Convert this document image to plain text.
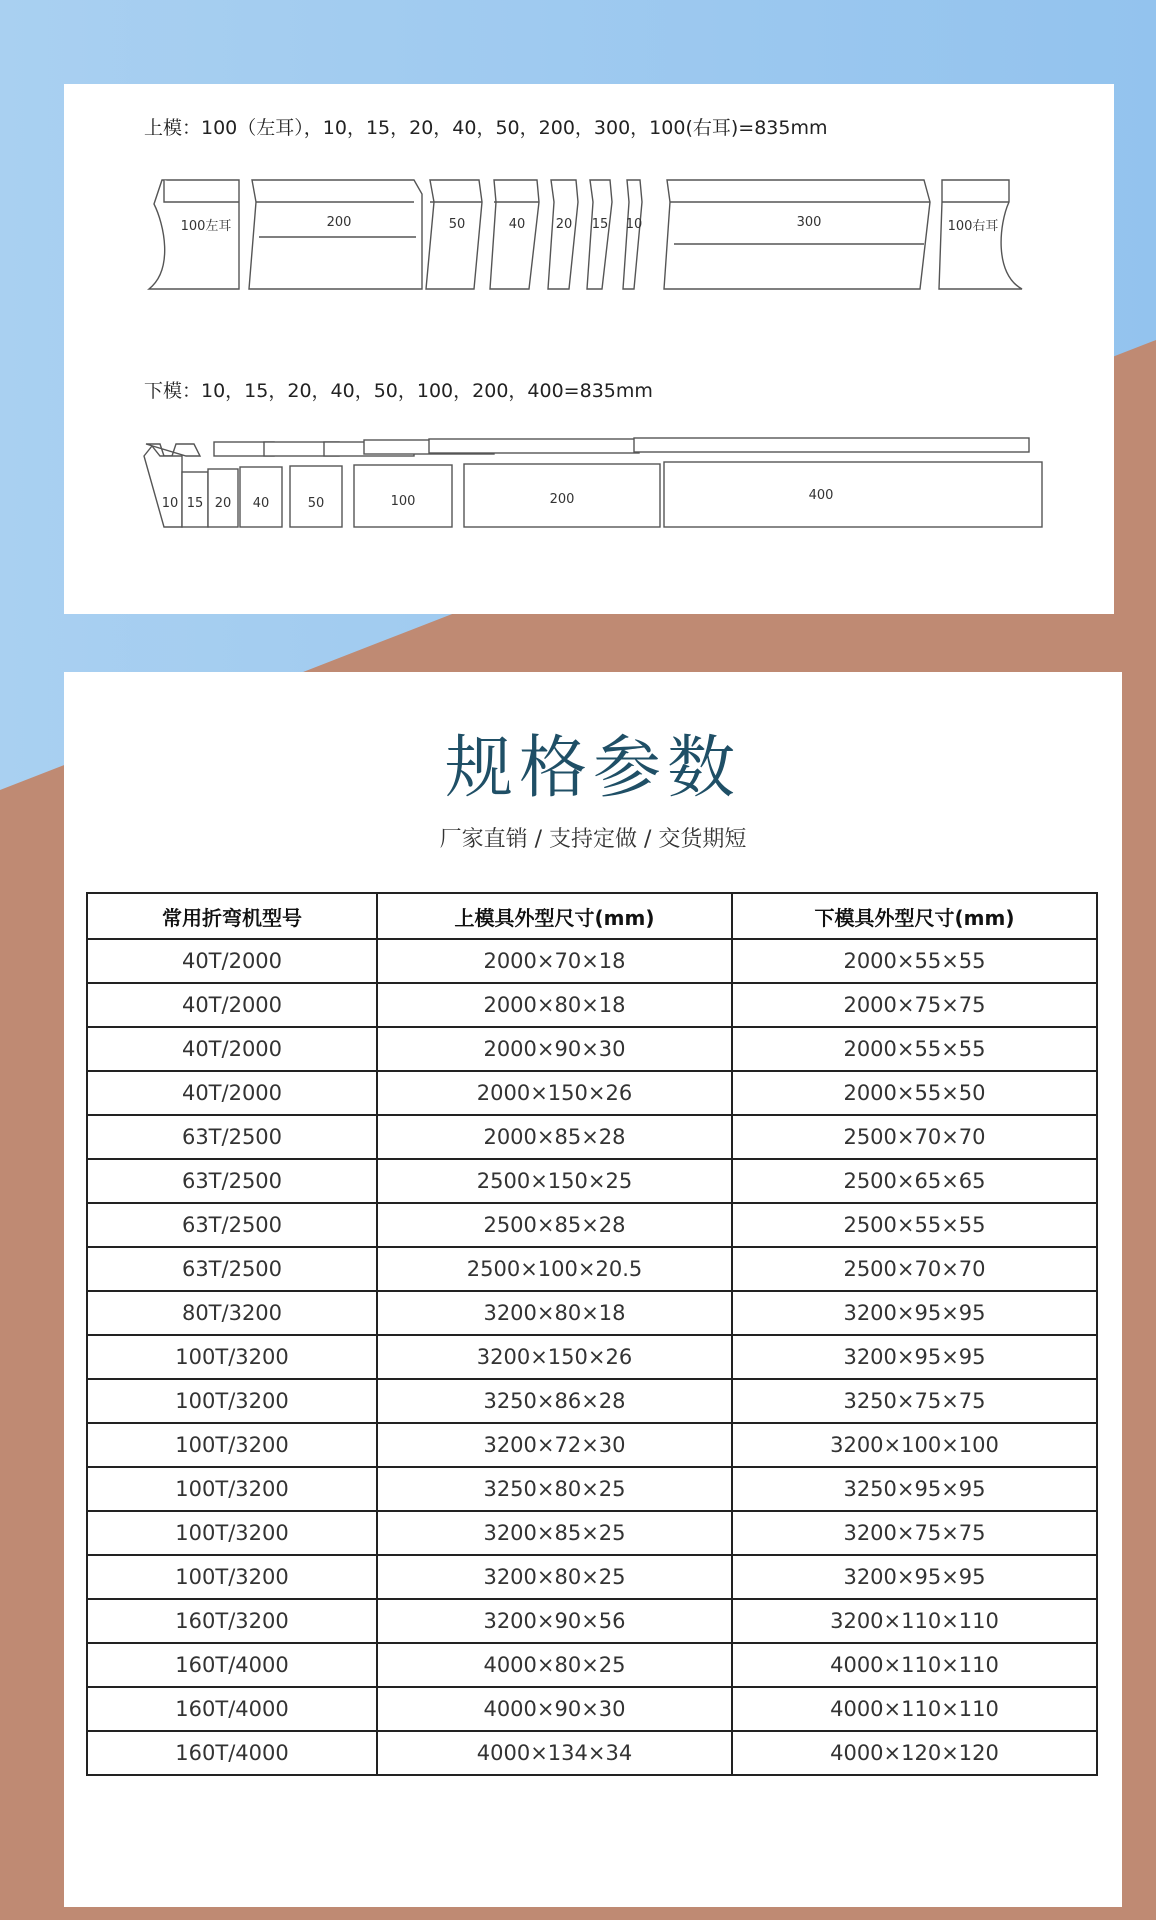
上模：100（左耳），10，15，20，40，50，200，300，100(右耳)=835mm
100左耳	200	50	40 20 15 10	300	100右耳
下模：10，15，20，40，50，100，200，400=835mm
10 15 20 40	50	100	200	400
规格参数
厂家直销 / 支持定做 / 交货期短
常用折弯机型号	上模具外型尺寸(mm)	下模具外型尺寸(mm)
40T/2000	2000×70×18	2000×55×55
40T/2000	2000×80×18	2000×75×75
40T/2000	2000×90×30	2000×55×55
40T/2000	2000×150×26	2000×55×50
63T/2500	2000×85×28	2500×70×70
63T/2500	2500×150×25	2500×65×65
63T/2500	2500×85×28	2500×55×55
63T/2500	2500×100×20.5	2500×70×70
80T/3200	3200×80×18	3200×95×95
100T/3200	3200×150×26	3200×95×95
100T/3200	3250×86×28	3250×75×75
100T/3200	3200×72×30	3200×100×100
100T/3200	3250×80×25	3250×95×95
100T/3200	3200×85×25	3200×75×75
100T/3200	3200×80×25	3200×95×95
160T/3200	3200×90×56	3200×110×110
160T/4000	4000×80×25	4000×110×110
160T/4000	4000×90×30	4000×110×110
160T/4000	4000×134×34	4000×120×120
